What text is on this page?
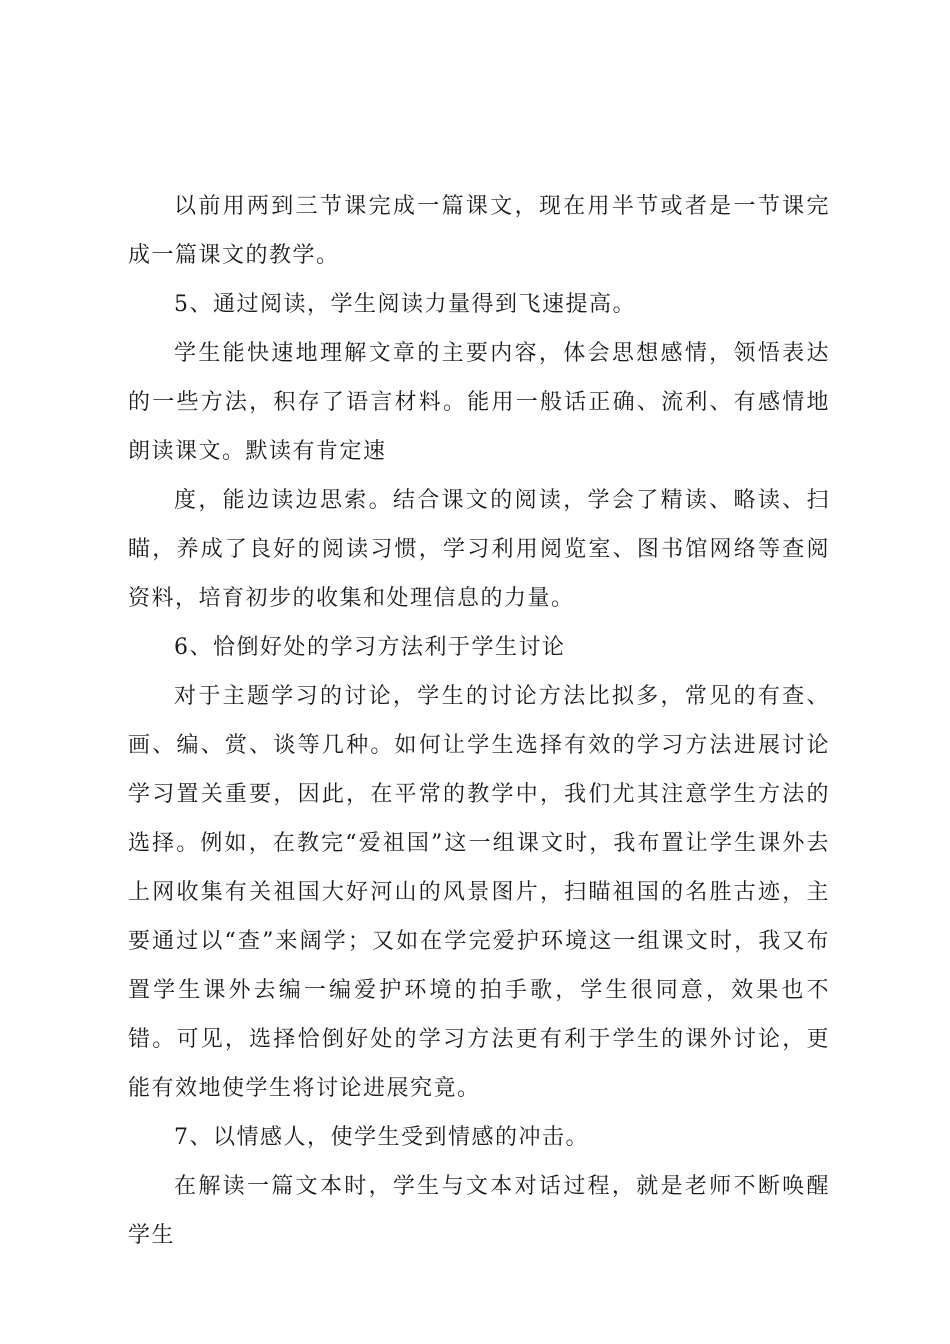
以前用两到三节课完成一篇课文，现在用半节或者是一节课完成一篇课文的教学。

5、通过阅读，学生阅读力量得到飞速提高。

学生能快速地理解文章的主要内容，体会思想感情，领悟表达的一些方法，积存了语言材料。能用一般话正确、流利、有感情地朗读课文。默读有肯定速

度，能边读边思索。结合课文的阅读，学会了精读、略读、扫瞄，养成了良好的阅读习惯，学习利用阅览室、图书馆网络等查阅资料，培育初步的收集和处理信息的力量。

6、恰倒好处的学习方法利于学生讨论

对于主题学习的讨论，学生的讨论方法比拟多，常见的有查、画、编、赏、谈等几种。如何让学生选择有效的学习方法进展讨论学习置关重要，因此，在平常的教学中，我们尤其注意学生方法的选择。例如，在教完“爱祖国”这一组课文时，我布置让学生课外去上网收集有关祖国大好河山的风景图片，扫瞄祖国的名胜古迹，主要通过以“查”来阔学；又如在学完爱护环境这一组课文时，我又布置学生课外去编一编爱护环境的拍手歌，学生很同意，效果也不错。可见，选择恰倒好处的学习方法更有利于学生的课外讨论，更能有效地使学生将讨论进展究竟。

7、以情感人，使学生受到情感的冲击。

在解读一篇文本时，学生与文本对话过程，就是老师不断唤醒学生
